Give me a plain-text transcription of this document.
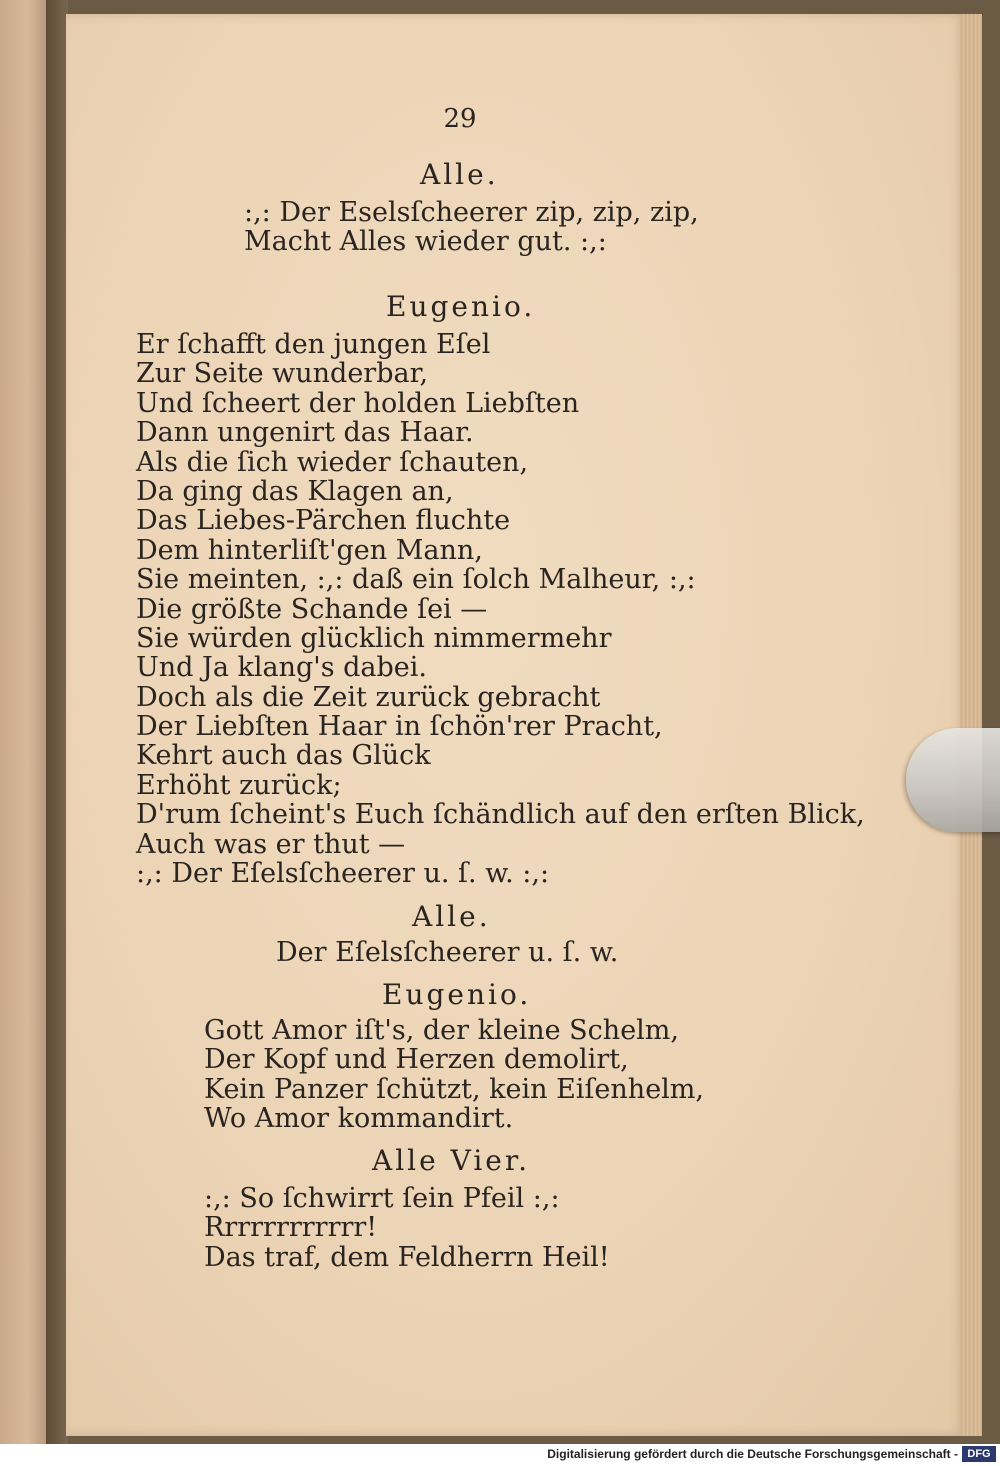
29
Alle.
:,: Der Eselsſcheerer zip, zip, zip,
Macht Alles wieder gut. :,:
Eugenio.
Er ſchafft den jungen Eſel
Zur Seite wunderbar,
Und ſcheert der holden Liebſten
Dann ungenirt das Haar.
Als die ſich wieder ſchauten,
Da ging das Klagen an,
Das Liebes-Pärchen fluchte
Dem hinterliſt'gen Mann,
Sie meinten, :,: daß ein ſolch Malheur, :,:
Die größte Schande ſei —
Sie würden glücklich nimmermehr
Und Ja klang's dabei.
Doch als die Zeit zurück gebracht
Der Liebſten Haar in ſchön'rer Pracht,
Kehrt auch das Glück
Erhöht zurück;
D'rum ſcheint's Euch ſchändlich auf den erſten Blick,
Auch was er thut —
:,: Der Eſelsſcheerer u. ſ. w. :,:
Alle.
Der Eſelsſcheerer u. ſ. w.
Eugenio.
Gott Amor iſt's, der kleine Schelm,
Der Kopf und Herzen demolirt,
Kein Panzer ſchützt, kein Eiſenhelm,
Wo Amor kommandirt.
Alle Vier.
:,: So ſchwirrt ſein Pfeil :,:
Rrrrrrrrrrrr!
Das traf, dem Feldherrn Heil!
Digitalisierung gefördert durch die Deutsche Forschungsgemeinschaft - DFG
